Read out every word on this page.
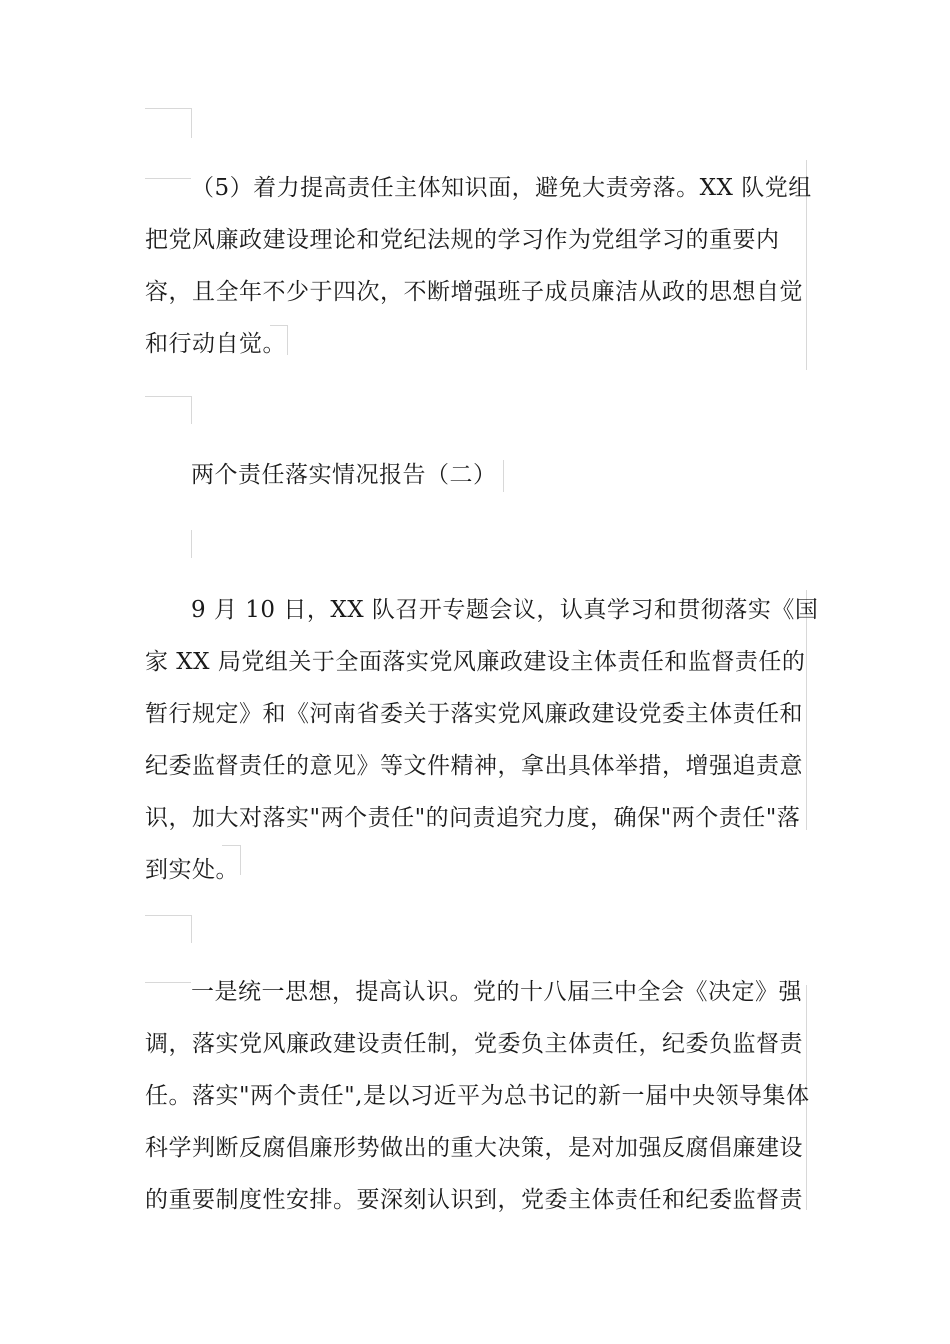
（5）着力提高责任主体知识面，避免大责旁落。XX 队党组
把党风廉政建设理论和党纪法规的学习作为党组学习的重要内
容，且全年不少于四次，不断增强班子成员廉洁从政的思想自觉
和行动自觉。
两个责任落实情况报告（二）
9 月 10 日，XX 队召开专题会议，认真学习和贯彻落实《国
家 XX 局党组关于全面落实党风廉政建设主体责任和监督责任的
暂行规定》和《河南省委关于落实党风廉政建设党委主体责任和
纪委监督责任的意见》等文件精神，拿出具体举措，增强追责意
识，加大对落实"两个责任"的问责追究力度，确保"两个责任"落
到实处。
一是统一思想，提高认识。党的十八届三中全会《决定》强
调，落实党风廉政建设责任制，党委负主体责任，纪委负监督责
任。落实"两个责任",是以习近平为总书记的新一届中央领导集体
科学判断反腐倡廉形势做出的重大决策，是对加强反腐倡廉建设
的重要制度性安排。要深刻认识到，党委主体责任和纪委监督责
